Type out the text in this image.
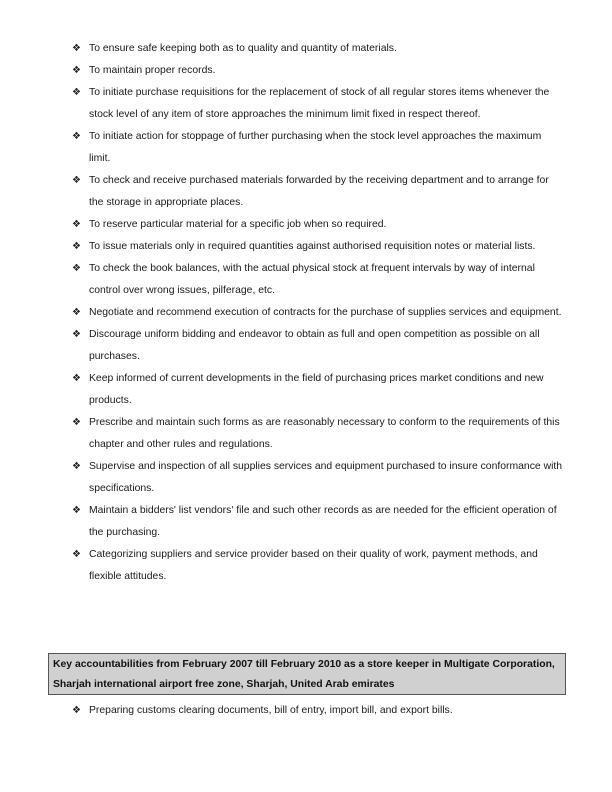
❖ To ensure safe keeping both as to quality and quantity of materials.
❖ To maintain proper records.
❖ To initiate purchase requisitions for the replacement of stock of all regular stores items whenever the stock level of any item of store approaches the minimum limit fixed in respect thereof.
❖ To initiate action for stoppage of further purchasing when the stock level approaches the maximum limit.
❖ To check and receive purchased materials forwarded by the receiving department and to arrange for the storage in appropriate places.
❖ To reserve particular material for a specific job when so required.
❖ To issue materials only in required quantities against authorised requisition notes or material lists.
❖ To check the book balances, with the actual physical stock at frequent intervals by way of internal control over wrong issues, pilferage, etc.
❖ Negotiate and recommend execution of contracts for the purchase of supplies services and equipment.
❖ Discourage uniform bidding and endeavor to obtain as full and open competition as possible on all purchases.
❖ Keep informed of current developments in the field of purchasing prices market conditions and new products.
❖ Prescribe and maintain such forms as are reasonably necessary to conform to the requirements of this chapter and other rules and regulations.
❖ Supervise and inspection of all supplies services and equipment purchased to insure conformance with specifications.
❖ Maintain a bidders' list vendors' file and such other records as are needed for the efficient operation of the purchasing.
❖ Categorizing suppliers and service provider based on their quality of work, payment methods, and flexible attitudes.
Key accountabilities from February 2007 till February 2010 as a store keeper in Multigate Corporation, Sharjah international airport free zone, Sharjah, United Arab emirates
❖ Preparing customs clearing documents, bill of entry, import bill, and export bills.
